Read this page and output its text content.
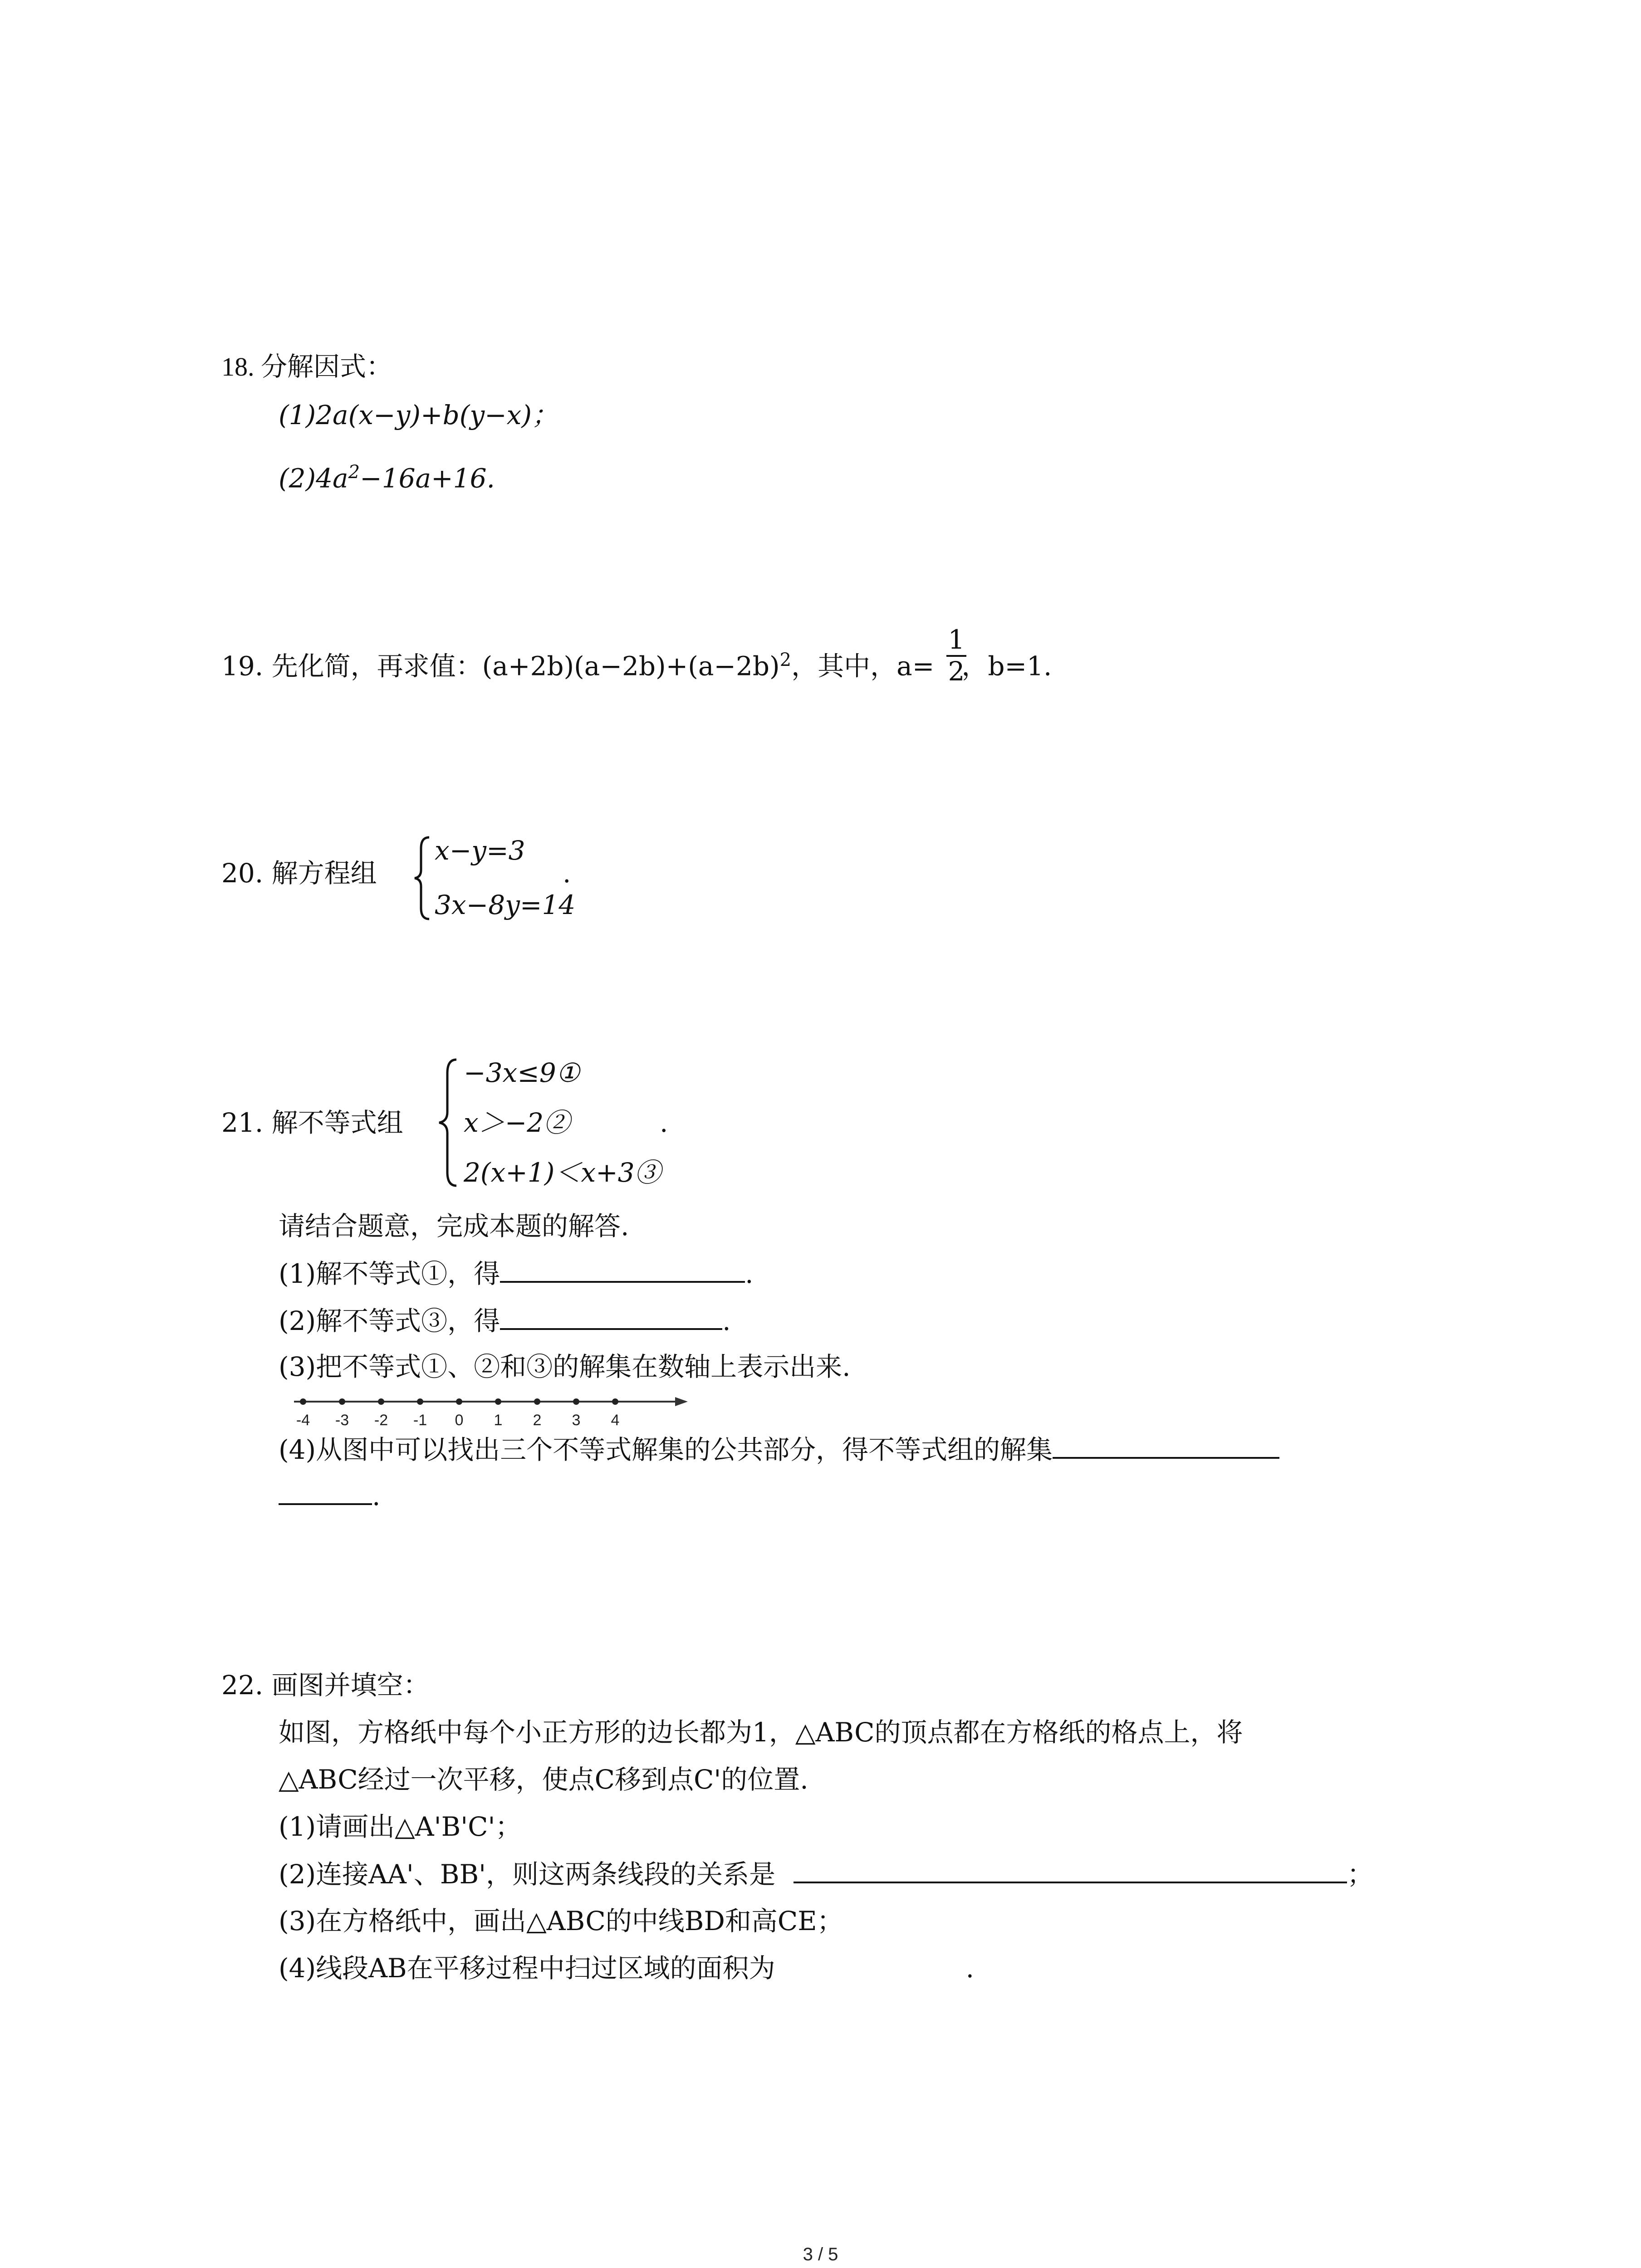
18. 分解因式：
(1)2a(x−y)+b(y−x)；
$(2)4a^2-16a+16$.
19. 先化简，再求值：$(a+2b)(a-2b)+(a-2b)^2$，其中，a= ，b=1.
1
2
20. 解方程组
x−y=3
3x−8y=14
.
21. 解不等式组
−3x≤9①
x＞−2②
2(x+1)＜x+3③
.
请结合题意，完成本题的解答.
(1)解不等式①，得	.
(2)解不等式③，得	.
(3)把不等式①、②和③的解集在数轴上表示出来.
-4 -3 -2 -1 0 1 2 3 4
(4)从图中可以找出三个不等式解集的公共部分，得不等式组的解集
.
22. 画图并填空：
如图，方格纸中每个小正方形的边长都为1，△ABC的顶点都在方格纸的格点上，将
△ABC经过一次平移，使点C移到点C'的位置.
(1)请画出△A'B'C'；
(2)连接AA'、BB'，则这两条线段的关系是	；
(3)在方格纸中，画出△ABC的中线BD和高CE；
(4)线段AB在平移过程中扫过区域的面积为	.
3 / 5
